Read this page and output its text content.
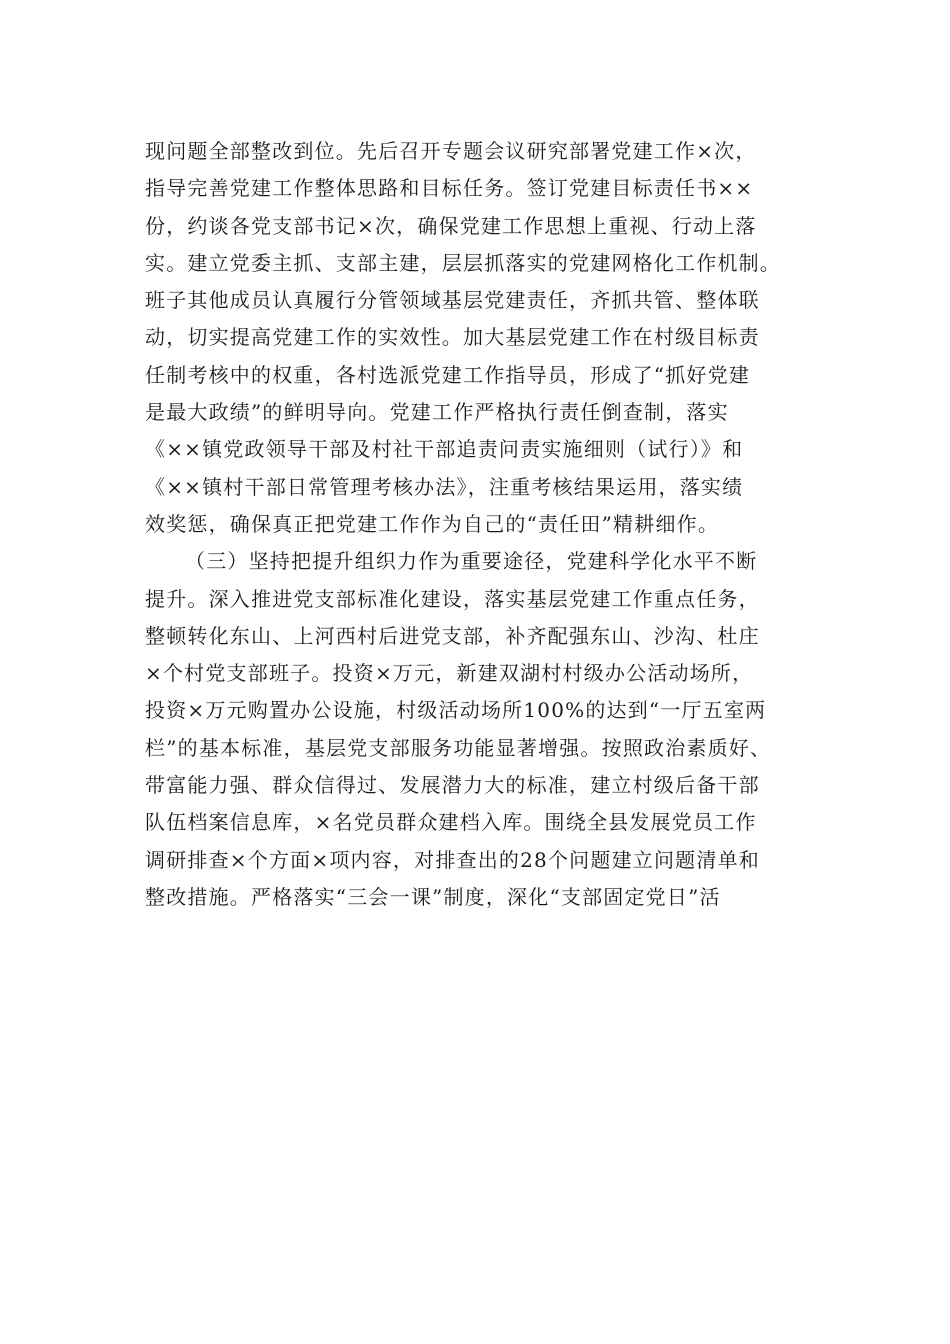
现问题全部整改到位。先后召开专题会议研究部署党建工作×次，
指导完善党建工作整体思路和目标任务。签订党建目标责任书××
份，约谈各党支部书记×次，确保党建工作思想上重视、行动上落
实。建立党委主抓、支部主建，层层抓落实的党建网格化工作机制。
班子其他成员认真履行分管领域基层党建责任，齐抓共管、整体联
动，切实提高党建工作的实效性。加大基层党建工作在村级目标责
任制考核中的权重，各村选派党建工作指导员，形成了“抓好党建
是最大政绩”的鲜明导向。党建工作严格执行责任倒查制，落实
《××镇党政领导干部及村社干部追责问责实施细则（试行）》和
《××镇村干部日常管理考核办法》，注重考核结果运用，落实绩
效奖惩，确保真正把党建工作作为自己的“责任田”精耕细作。
（三）坚持把提升组织力作为重要途径，党建科学化水平不断
提升。深入推进党支部标准化建设，落实基层党建工作重点任务，
整顿转化东山、上河西村后进党支部，补齐配强东山、沙沟、杜庄
×个村党支部班子。投资×万元，新建双湖村村级办公活动场所，
投资×万元购置办公设施，村级活动场所100%的达到“一厅五室两
栏”的基本标准，基层党支部服务功能显著增强。按照政治素质好、
带富能力强、群众信得过、发展潜力大的标准，建立村级后备干部
队伍档案信息库，×名党员群众建档入库。围绕全县发展党员工作
调研排查×个方面×项内容，对排查出的28个问题建立问题清单和
整改措施。严格落实“三会一课”制度，深化“支部固定党日”活
